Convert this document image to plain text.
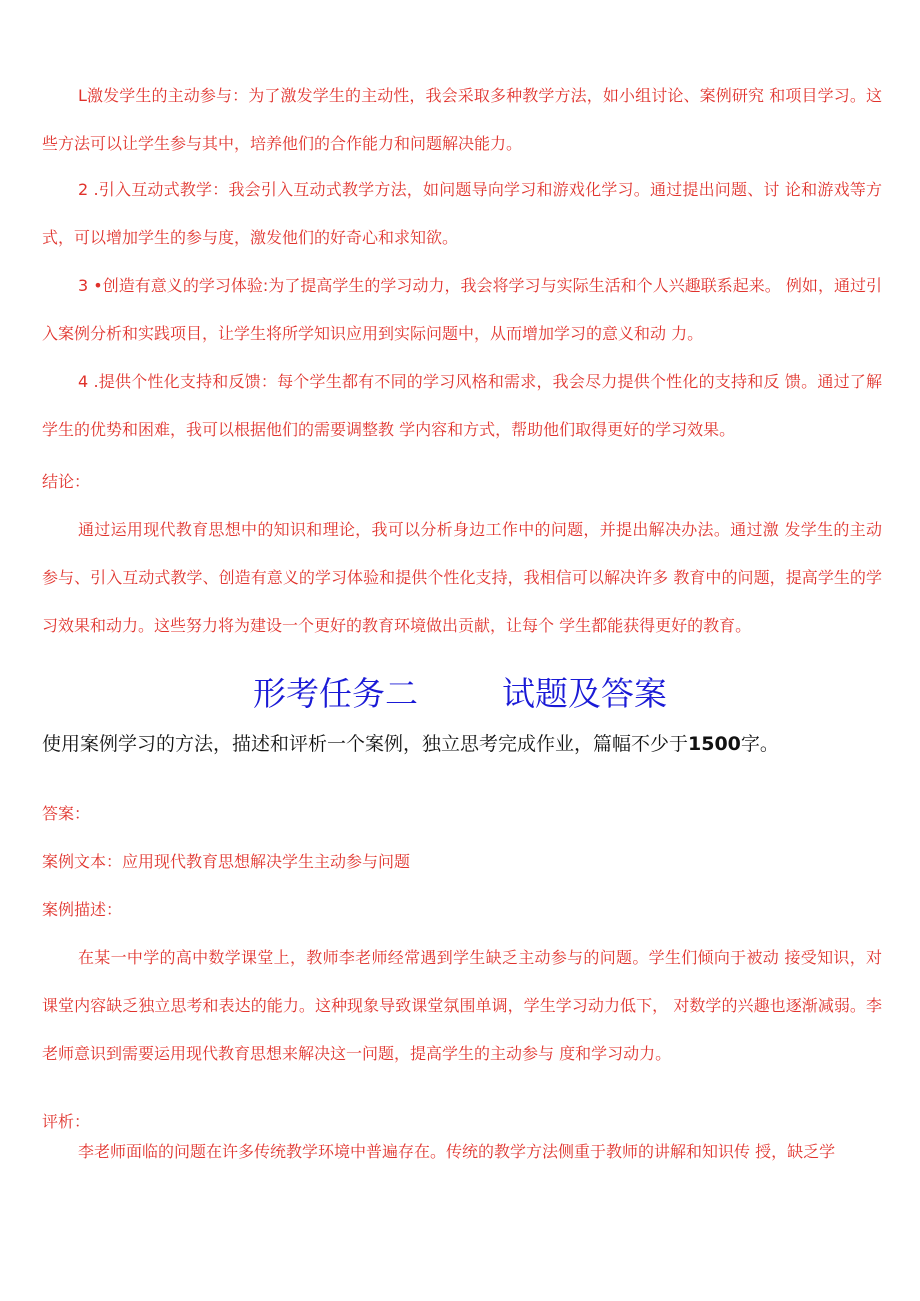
L激发学生的主动参与：为了激发学生的主动性，我会采取多种教学方法，如小组讨论、案例研究 和项目学习。这些方法可以让学生参与其中，培养他们的合作能力和问题解决能力。

2 .引入互动式教学：我会引入互动式教学方法，如问题导向学习和游戏化学习。通过提出问题、讨 论和游戏等方式，可以增加学生的参与度，激发他们的好奇心和求知欲。

3 •创造有意义的学习体验:为了提高学生的学习动力，我会将学习与实际生活和个人兴趣联系起来。 例如，通过引入案例分析和实践项目，让学生将所学知识应用到实际问题中，从而增加学习的意义和动 力。

4 .提供个性化支持和反馈：每个学生都有不同的学习风格和需求，我会尽力提供个性化的支持和反 馈。通过了解学生的优势和困难，我可以根据他们的需要调整教 学内容和方式，帮助他们取得更好的学习效果。

结论：

通过运用现代教育思想中的知识和理论，我可以分析身边工作中的问题，并提出解决办法。通过激 发学生的主动参与、引入互动式教学、创造有意义的学习体验和提供个性化支持，我相信可以解决许多 教育中的问题，提高学生的学习效果和动力。这些努力将为建设一个更好的教育环境做出贡献，让每个 学生都能获得更好的教育。

形考任务二        试题及答案

使用案例学习的方法，描述和评析一个案例，独立思考完成作业，篇幅不少于1500字。

答案：

案例文本：应用现代教育思想解决学生主动参与问题

案例描述：

在某一中学的高中数学课堂上，教师李老师经常遇到学生缺乏主动参与的问题。学生们倾向于被动 接受知识，对课堂内容缺乏独立思考和表达的能力。这种现象导致课堂氛围单调，学生学习动力低下， 对数学的兴趣也逐渐减弱。李老师意识到需要运用现代教育思想来解决这一问题，提高学生的主动参与 度和学习动力。

评析：

李老师面临的问题在许多传统教学环境中普遍存在。传统的教学方法侧重于教师的讲解和知识传 授，缺乏学
